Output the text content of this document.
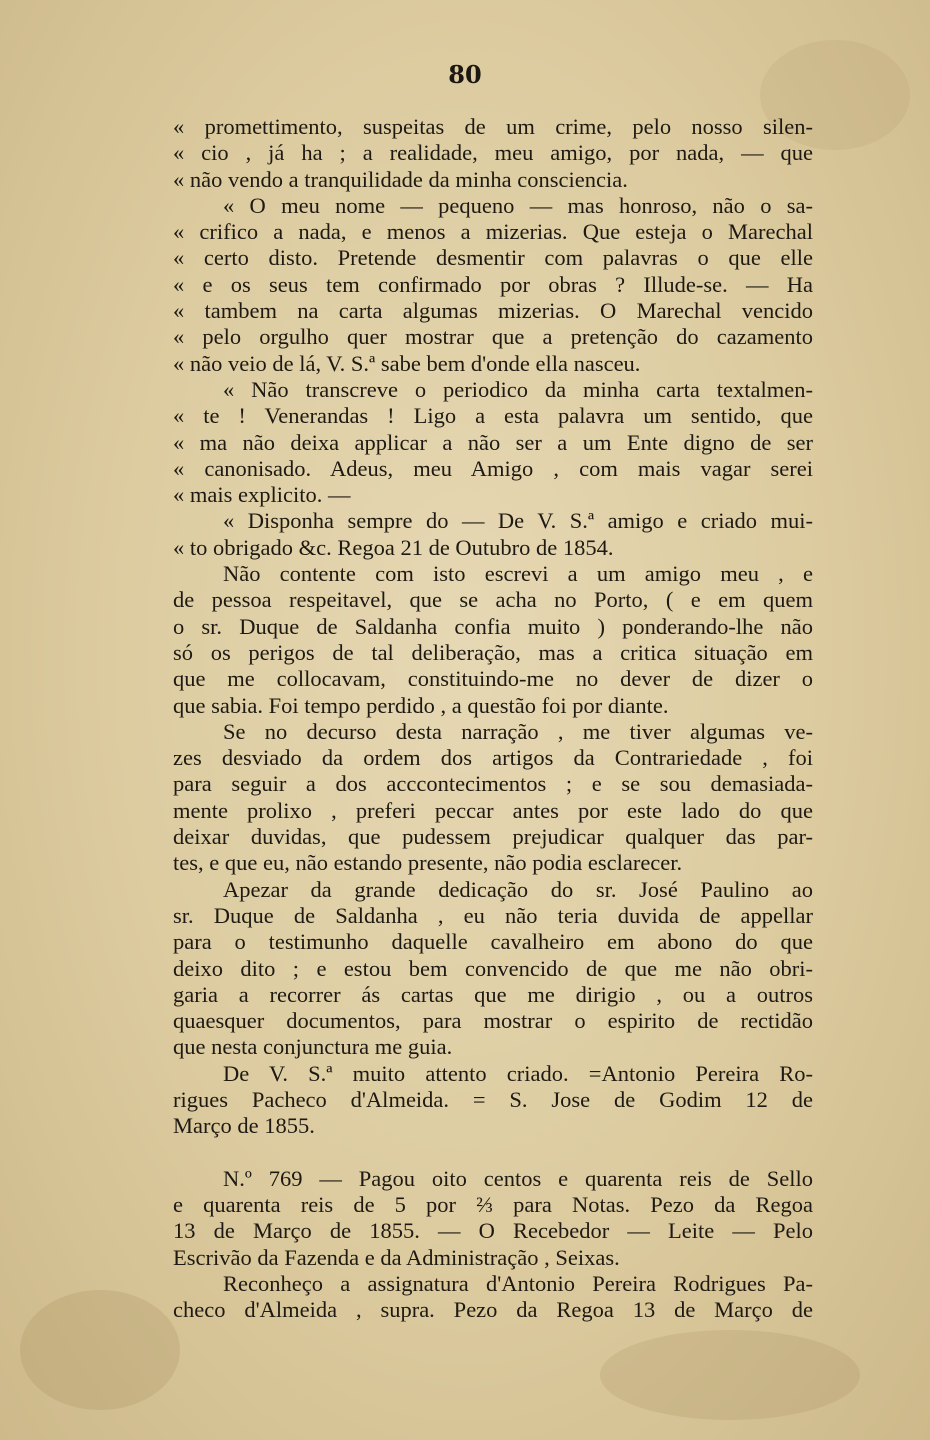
80
« promettimento, suspeitas de um crime, pelo nosso silen-
« cio , já ha ; a realidade, meu amigo, por nada, — que
« não vendo a tranquilidade da minha consciencia.
« O meu nome — pequeno — mas honroso, não o sa-
« crifico a nada, e menos a mizerias. Que esteja o Marechal
« certo disto. Pretende desmentir com palavras o que elle
« e os seus tem confirmado por obras ? Illude-se. — Ha
« tambem na carta algumas mizerias. O Marechal vencido
« pelo orgulho quer mostrar que a pretenção do cazamento
« não veio de lá, V. S.ª sabe bem d'onde ella nasceu.
« Não transcreve o periodico da minha carta textalmen-
« te ! Venerandas ! Ligo a esta palavra um sentido, que
« ma não deixa applicar a não ser a um Ente digno de ser
« canonisado. Adeus, meu Amigo , com mais vagar serei
« mais explicito. —
« Disponha sempre do — De V. S.ª amigo e criado mui-
« to obrigado &c. Regoa 21 de Outubro de 1854.
Não contente com isto escrevi a um amigo meu , e
de pessoa respeitavel, que se acha no Porto, ( e em quem
o sr. Duque de Saldanha confia muito ) ponderando-lhe não
só os perigos de tal deliberação, mas a critica situação em
que me collocavam, constituindo-me no dever de dizer o
que sabia. Foi tempo perdido , a questão foi por diante.
Se no decurso desta narração , me tiver algumas ve-
zes desviado da ordem dos artigos da Contrariedade , foi
para seguir a dos acccontecimentos ; e se sou demasiada-
mente prolixo , preferi peccar antes por este lado do que
deixar duvidas, que pudessem prejudicar qualquer das par-
tes, e que eu, não estando presente, não podia esclarecer.
Apezar da grande dedicação do sr. José Paulino ao
sr. Duque de Saldanha , eu não teria duvida de appellar
para o testimunho daquelle cavalheiro em abono do que
deixo dito ; e estou bem convencido de que me não obri-
garia a recorrer ás cartas que me dirigio , ou a outros
quaesquer documentos, para mostrar o espirito de rectidão
que nesta conjunctura me guia.
De V. S.ª muito attento criado. =Antonio Pereira Ro-
rigues Pacheco d'Almeida. = S. Jose de Godim 12 de
Março de 1855.
N.º 769 — Pagou oito centos e quarenta reis de Sello
e quarenta reis de 5 por ⅔ para Notas. Pezo da Regoa
13 de Março de 1855. — O Recebedor — Leite — Pelo
Escrivão da Fazenda e da Administração , Seixas.
Reconheço a assignatura d'Antonio Pereira Rodrigues Pa-
checo d'Almeida , supra. Pezo da Regoa 13 de Março de
